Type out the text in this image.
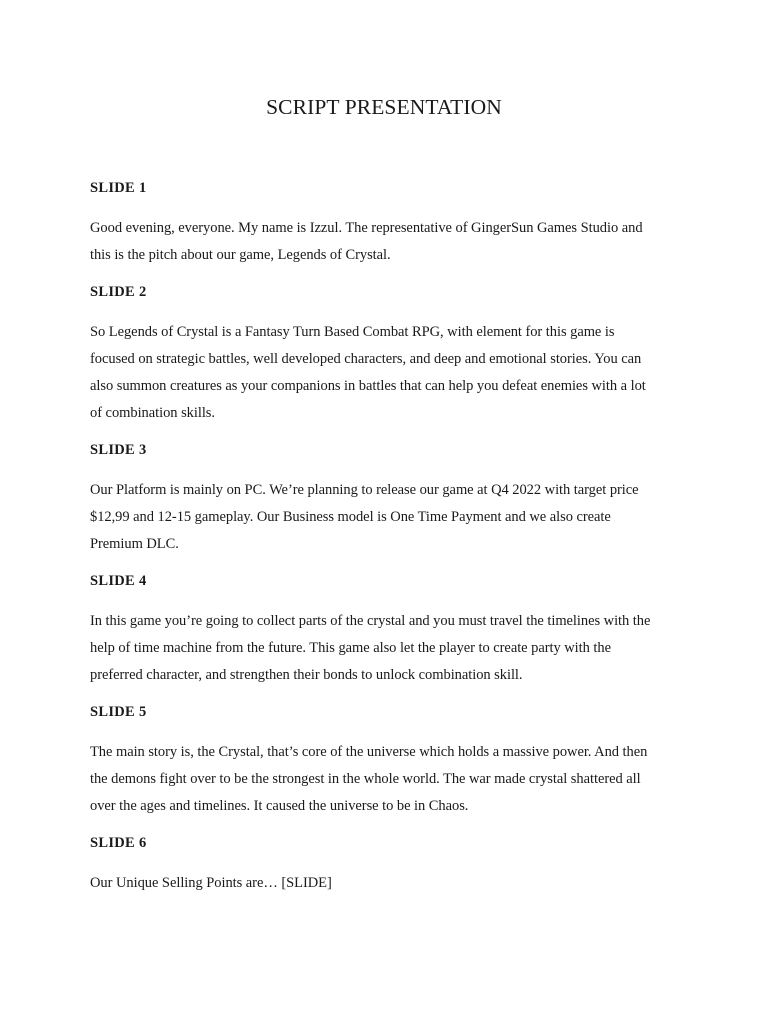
SCRIPT PRESENTATION

SLIDE 1

Good evening, everyone. My name is Izzul. The representative of GingerSun Games Studio and
this is the pitch about our game, Legends of Crystal.

SLIDE 2

So Legends of Crystal is a Fantasy Turn Based Combat RPG, with element for this game is
focused on strategic battles, well developed characters, and deep and emotional stories. You can
also summon creatures as your companions in battles that can help you defeat enemies with a lot
of combination skills.

SLIDE 3

Our Platform is mainly on PC. We’re planning to release our game at Q4 2022 with target price
$12,99 and 12-15 gameplay. Our Business model is One Time Payment and we also create
Premium DLC.

SLIDE 4

In this game you’re going to collect parts of the crystal and you must travel the timelines with the
help of time machine from the future. This game also let the player to create party with the
preferred character, and strengthen their bonds to unlock combination skill.

SLIDE 5

The main story is, the Crystal, that’s core of the universe which holds a massive power. And then
the demons fight over to be the strongest in the whole world. The war made crystal shattered all
over the ages and timelines. It caused the universe to be in Chaos.

SLIDE 6

Our Unique Selling Points are… [SLIDE]
